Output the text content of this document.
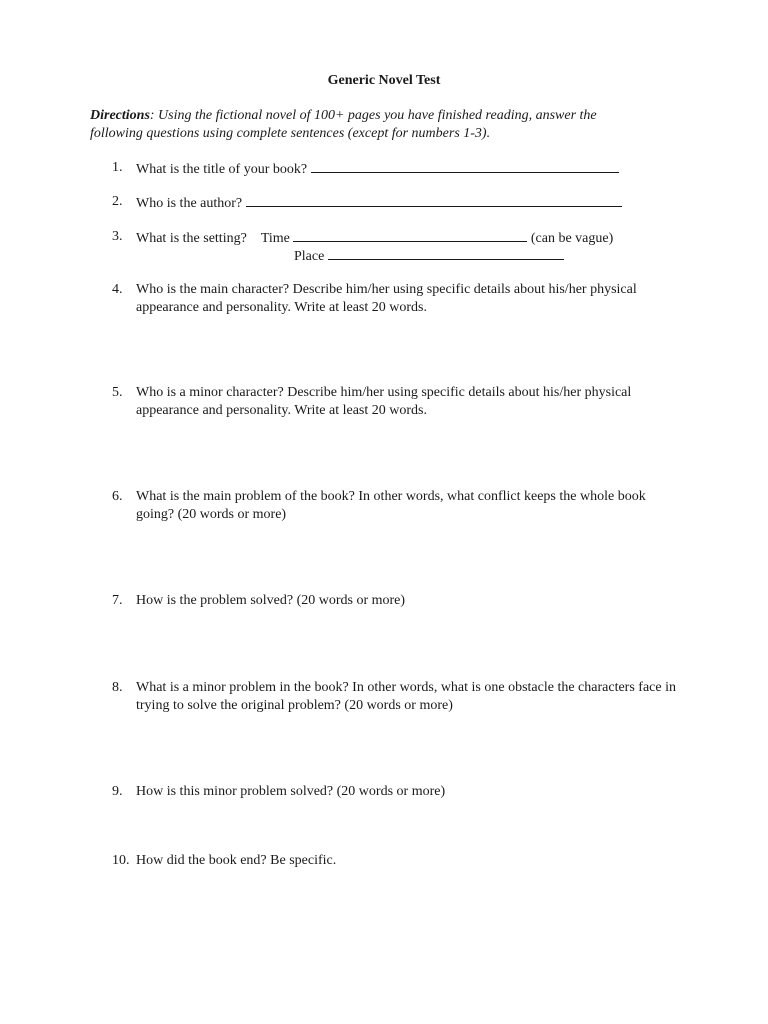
Generic Novel Test
Directions: Using the fictional novel of 100+ pages you have finished reading, answer the following questions using complete sentences (except for numbers 1-3).
1. What is the title of your book?
2. Who is the author?
3. What is the setting? Time	(can be vague)
Place
4. Who is the main character? Describe him/her using specific details about his/her physical appearance and personality. Write at least 20 words.
5. Who is a minor character? Describe him/her using specific details about his/her physical appearance and personality. Write at least 20 words.
6. What is the main problem of the book? In other words, what conflict keeps the whole book going? (20 words or more)
7. How is the problem solved? (20 words or more)
8. What is a minor problem in the book? In other words, what is one obstacle the characters face in trying to solve the original problem? (20 words or more)
9. How is this minor problem solved? (20 words or more)
10. How did the book end? Be specific.
